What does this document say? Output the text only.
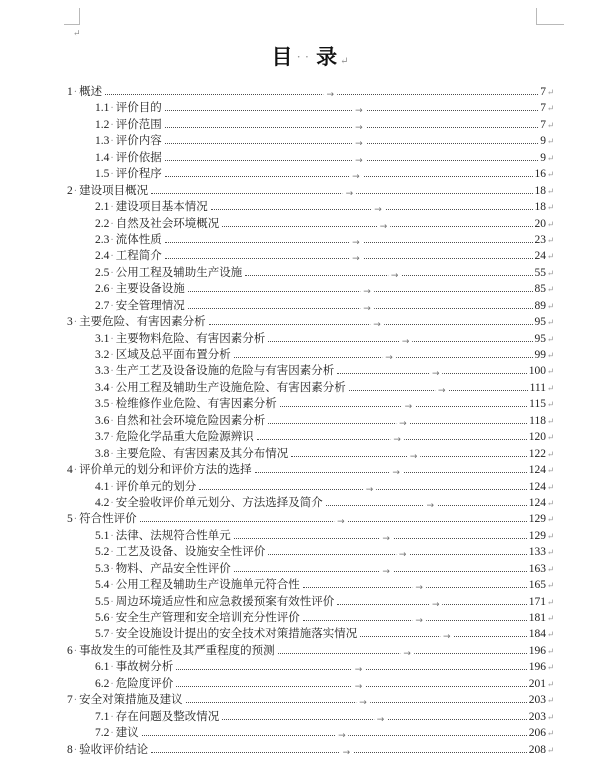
↵
目 ·· 录 ↵
1 · 概述	→	7 ↵
1.1 · 评价目的	→	7 ↵
1.2 · 评价范围	→	7 ↵
1.3 · 评价内容	→	9 ↵
1.4 · 评价依据	→	9 ↵
1.5 · 评价程序	→	16 ↵
2 · 建设项目概况	→	18 ↵
2.1 · 建设项目基本情况	→	18 ↵
2.2 · 自然及社会环境概况	→	20 ↵
2.3 · 流体性质	→	23 ↵
2.4 · 工程简介	→	24 ↵
2.5 · 公用工程及辅助生产设施	→	55 ↵
2.6 · 主要设备设施	→	85 ↵
2.7 · 安全管理情况	→	89 ↵
3 · 主要危险、有害因素分析	→	95 ↵
3.1 · 主要物料危险、有害因素分析	→	95 ↵
3.2 · 区域及总平面布置分析	→	99 ↵
3.3 · 生产工艺及设备设施的危险与有害因素分析	→	100 ↵
3.4 · 公用工程及辅助生产设施危险、有害因素分析	→	111 ↵
3.5 · 检维修作业危险、有害因素分析	→	115 ↵
3.6 · 自然和社会环境危险因素分析	→	118 ↵
3.7 · 危险化学品重大危险源辨识	→	120 ↵
3.8 · 主要危险、有害因素及其分布情况	→	122 ↵
4 · 评价单元的划分和评价方法的选择	→	124 ↵
4.1 · 评价单元的划分	→	124 ↵
4.2 · 安全验收评价单元划分、方法选择及简介	→	124 ↵
5 · 符合性评价	→	129 ↵
5.1 · 法律、法规符合性单元	→	129 ↵
5.2 · 工艺及设备、设施安全性评价	→	133 ↵
5.3 · 物料、产品安全性评价	→	163 ↵
5.4 · 公用工程及辅助生产设施单元符合性	→	165 ↵
5.5 · 周边环境适应性和应急救援预案有效性评价	→	171 ↵
5.6 · 安全生产管理和安全培训充分性评价	→	181 ↵
5.7 · 安全设施设计提出的安全技术对策措施落实情况	→	184 ↵
6 · 事故发生的可能性及其严重程度的预测	→	196 ↵
6.1 · 事故树分析	→	196 ↵
6.2 · 危险度评价	→	201 ↵
7 · 安全对策措施及建议	→	203 ↵
7.1 · 存在问题及整改情况	→	203 ↵
7.2 · 建议	→	206 ↵
8 · 验收评价结论	→	208 ↵
